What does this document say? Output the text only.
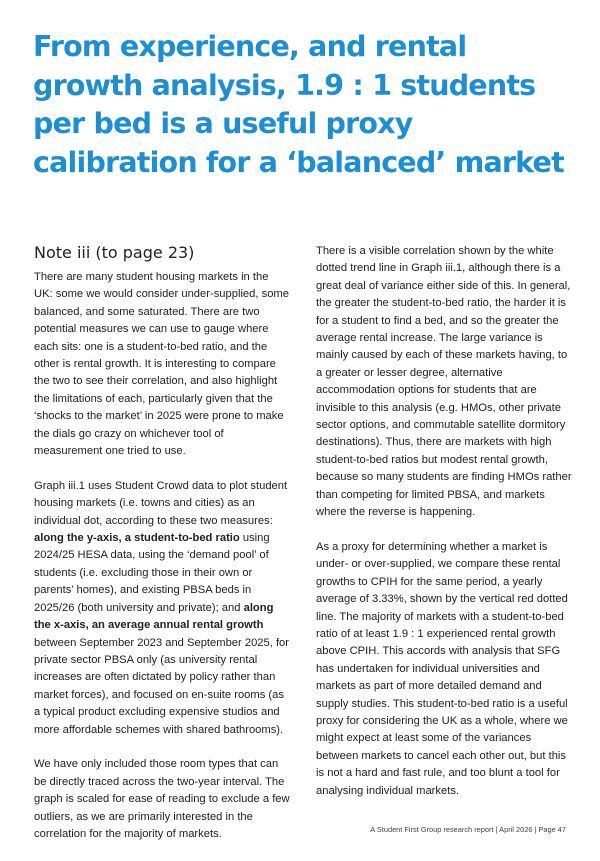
From experience, and rental growth analysis, 1.9 : 1 students per bed is a useful proxy calibration for a ‘balanced’ market
Note iii (to page 23)

There are many student housing markets in the UK: some we would consider under-supplied, some balanced, and some saturated. There are two potential measures we can use to gauge where each sits: one is a student-to-bed ratio, and the other is rental growth. It is interesting to compare the two to see their correlation, and also highlight the limitations of each, particularly given that the ‘shocks to the market’ in 2025 were prone to make the dials go crazy on whichever tool of measurement one tried to use.

Graph iii.1 uses Student Crowd data to plot student housing markets (i.e. towns and cities) as an individual dot, according to these two measures: along the y-axis, a student-to-bed ratio using 2024/25 HESA data, using the ‘demand pool’ of students (i.e. excluding those in their own or parents’ homes), and existing PBSA beds in 2025/26 (both university and private); and along the x-axis, an average annual rental growth between September 2023 and September 2025, for private sector PBSA only (as university rental increases are often dictated by policy rather than market forces), and focused on en-suite rooms (as a typical product excluding expensive studios and more affordable schemes with shared bathrooms).

We have only included those room types that can be directly traced across the two-year interval. The graph is scaled for ease of reading to exclude a few outliers, as we are primarily interested in the correlation for the majority of markets.

There is a visible correlation shown by the white dotted trend line in Graph iii.1, although there is a great deal of variance either side of this. In general, the greater the student-to-bed ratio, the harder it is for a student to find a bed, and so the greater the average rental increase. The large variance is mainly caused by each of these markets having, to a greater or lesser degree, alternative accommodation options for students that are invisible to this analysis (e.g. HMOs, other private sector options, and commutable satellite dormitory destinations). Thus, there are markets with high student-to-bed ratios but modest rental growth, because so many students are finding HMOs rather than competing for limited PBSA, and markets where the reverse is happening.

As a proxy for determining whether a market is under- or over-supplied, we compare these rental growths to CPIH for the same period, a yearly average of 3.33%, shown by the vertical red dotted line. The majority of markets with a student-to-bed ratio of at least 1.9 : 1 experienced rental growth above CPIH. This accords with analysis that SFG has undertaken for individual universities and markets as part of more detailed demand and supply studies. This student-to-bed ratio is a useful proxy for considering the UK as a whole, where we might expect at least some of the variances between markets to cancel each other out, but this is not a hard and fast rule, and too blunt a tool for analysing individual markets.

A Student First Group research report | April 2026 | Page 47
